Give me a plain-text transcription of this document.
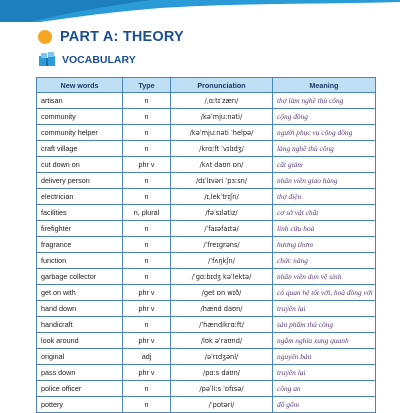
PART A: THEORY
VOCABULARY
New words	Type	Pronunciation	Meaning
artisan	n	/ˌɑːtɪˈzæn/	thợ làm nghề thủ công
community	n	/kəˈmjuːnəti/	cộng đồng
community helper	n	/kəˈmjuːnəti ˈhelpə/	người phục vụ cộng đồng
craft village	n	/krɑːft ˈvɪlɪdʒ/	làng nghề thủ công
cut down on	phr v	/kʌt daʊn ɒn/	cắt giảm
delivery person	n	/dɪˈlɪvəri ˈpɜːsn/	nhân viên giao hàng
electrician	n	/ɪˌlekˈtrɪʃn/	thợ điện
facilities	n, plural	/fəˈsɪlətiz/	cơ sở vật chất
firefighter	n	/ˈfaɪəfaɪtə/	lính cứu hoả
fragrance	n	/ˈfreɪɡrəns/	hương thơm
function	n	/ˈfʌŋkʃn/	chức năng
garbage collector	n	/ˈɡɑːbɪdʒ kəˈlektə/	nhân viên dọn vệ sinh
get on with	phr v	/ɡet ɒn wɪð/	có quan hệ tốt với, hoà đồng với
hand down	phr v	/hænd daʊn/	truyền lại
handicraft	n	/ˈhændikrɑːft/	sản phẩm thủ công
look around	phr v	/lʊk əˈraʊnd/	ngắm nghía xung quanh
original	adj	/əˈrɪdʒənl/	nguyên bản
pass down	phr v	/pɑːs daʊn/	truyền lại
police officer	n	/pəˈliːs ˈɒfɪsə/	công an
pottery	n	/ˈpɒtəri/	đồ gốm
